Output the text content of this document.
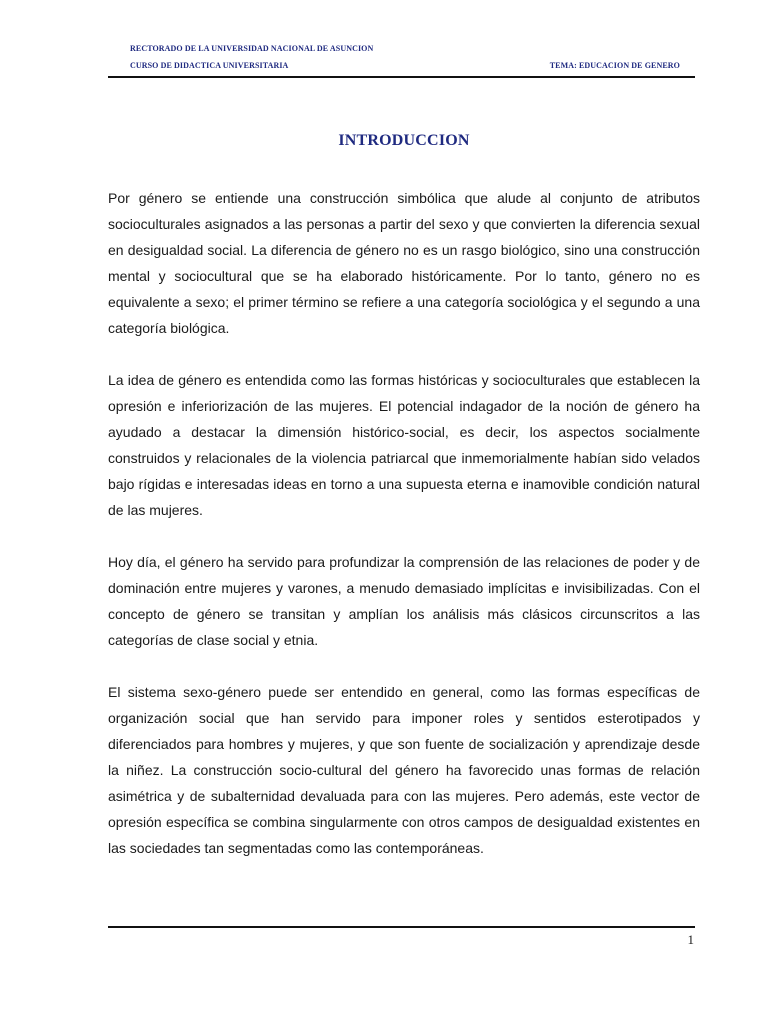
RECTORADO DE LA UNIVERSIDAD NACIONAL DE ASUNCION
CURSO DE DIDACTICA UNIVERSITARIA	TEMA: EDUCACION DE GENERO
INTRODUCCION

Por género se entiende una construcción simbólica que alude al conjunto de atributos socioculturales asignados a las personas a partir del sexo y que convierten la diferencia sexual en desigualdad social. La diferencia de género no es un rasgo biológico, sino una construcción mental y sociocultural que se ha elaborado históricamente. Por lo tanto, género no es equivalente a sexo; el primer término se refiere a una categoría sociológica y el segundo a una categoría biológica.

La idea de género es entendida como las formas históricas y socioculturales que establecen la opresión e inferiorización de las mujeres. El potencial indagador de la noción de género ha ayudado a destacar la dimensión histórico-social, es decir, los aspectos socialmente construidos y relacionales de la violencia patriarcal que inmemorialmente habían sido velados bajo rígidas e interesadas ideas en torno a una supuesta eterna e inamovible condición natural de las mujeres.

Hoy día, el género ha servido para profundizar la comprensión de las relaciones de poder y de dominación entre mujeres y varones, a menudo demasiado implícitas e invisibilizadas. Con el concepto de género se transitan y amplían los análisis más clásicos circunscritos a las categorías de clase social y etnia.

El sistema sexo-género puede ser entendido en general, como las formas específicas de organización social que han servido para imponer roles y sentidos esterotipados y diferenciados para hombres y mujeres, y que son fuente de socialización y aprendizaje desde la niñez. La construcción socio-cultural del género ha favorecido unas formas de relación asimétrica y de subalternidad devaluada para con las mujeres. Pero además, este vector de opresión específica se combina singularmente con otros campos de desigualdad existentes en las sociedades tan segmentadas como las contemporáneas.

1
